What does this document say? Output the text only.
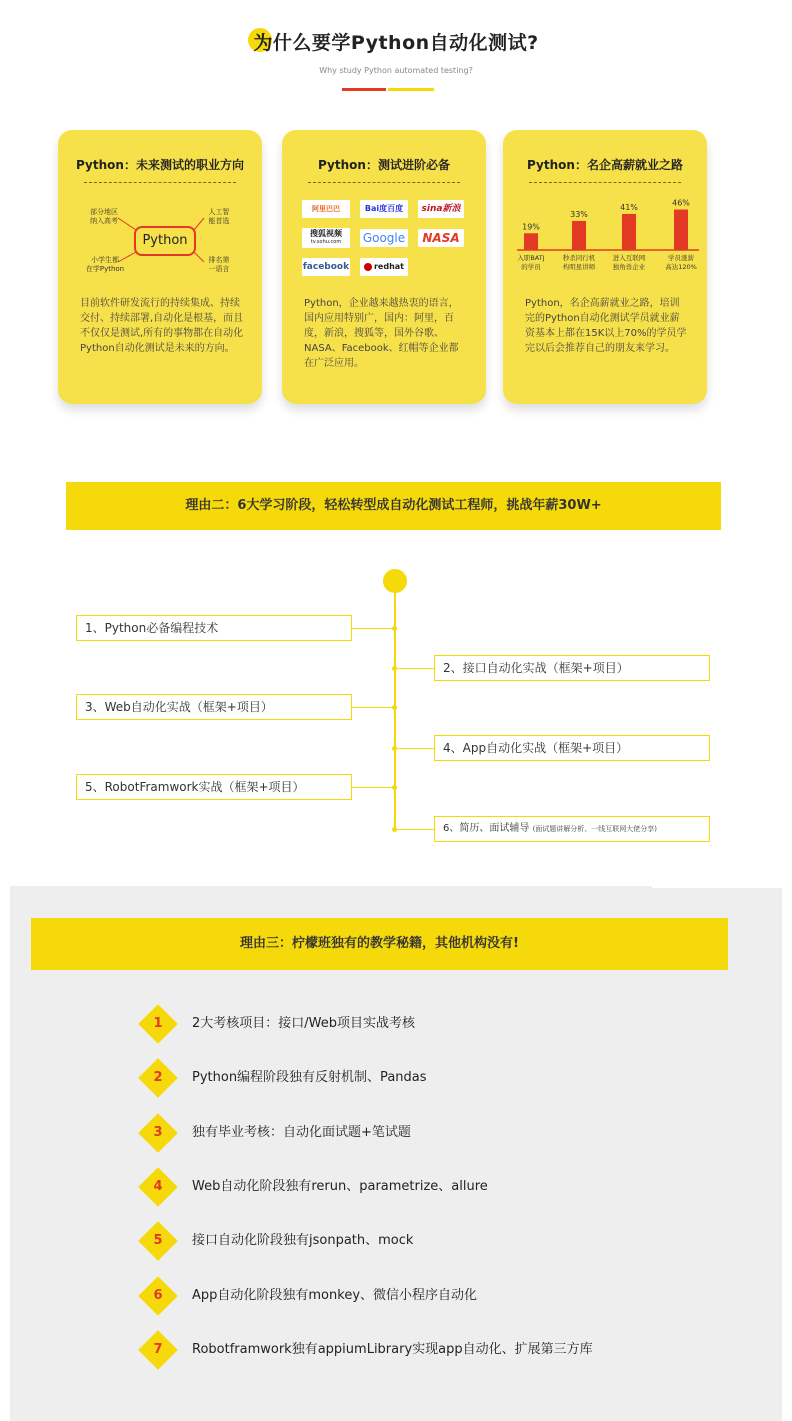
为什么要学Python自动化测试?
Why study Python automated testing?
Python：未来测试的职业方向
Python
部分地区
纳入高考
人工智
能首选
小学生都
在学Python
排名第
一语言
目前软件研发流行的持续集成、持续交付、持续部署,自动化是根基，而且不仅仅是测试,所有的事物都在自动化Python自动化测试是未来的方向。
Python：测试进阶必备
阿里巴巴	Bai度百度	sina新浪
搜狐视频
tv.sohu.com	Google	NASA
facebook	redhat
Python，企业越来越热衷的语言，国内应用特别广，国内：阿里，百度，新浪，搜狐等，国外谷歌、NASA、Facebook、红帽等企业都在广泛应用。
Python：名企高薪就业之路
19%
入职BATJ
的学员
33%
秒杀同行机
构明星讲师
41%
进入互联网
独角兽企业
46%
学员涨薪
高达120%
Python，名企高薪就业之路，培训完的Python自动化测试学员就业薪资基本上都在15K以上70%的学员学完以后会推荐自己的朋友来学习。
理由二：6大学习阶段，轻松转型成自动化测试工程师，挑战年薪30W+
1、Python必备编程技术
2、接口自动化实战（框架+项目）
3、Web自动化实战（框架+项目）
4、App自动化实战（框架+项目）
5、RobotFramwork实战（框架+项目）
6、简历、面试辅导 (面试题讲解分析、一线互联网大佬分享)
理由三：柠檬班独有的教学秘籍，其他机构没有!
1	2大考核项目：接口/Web项目实战考核
2	Python编程阶段独有反射机制、Pandas
3	独有毕业考核：自动化面试题+笔试题
4	Web自动化阶段独有rerun、parametrize、allure
5	接口自动化阶段独有jsonpath、mock
6	App自动化阶段独有monkey、微信小程序自动化
7	Robotframwork独有appiumLibrary实现app自动化、扩展第三方库
